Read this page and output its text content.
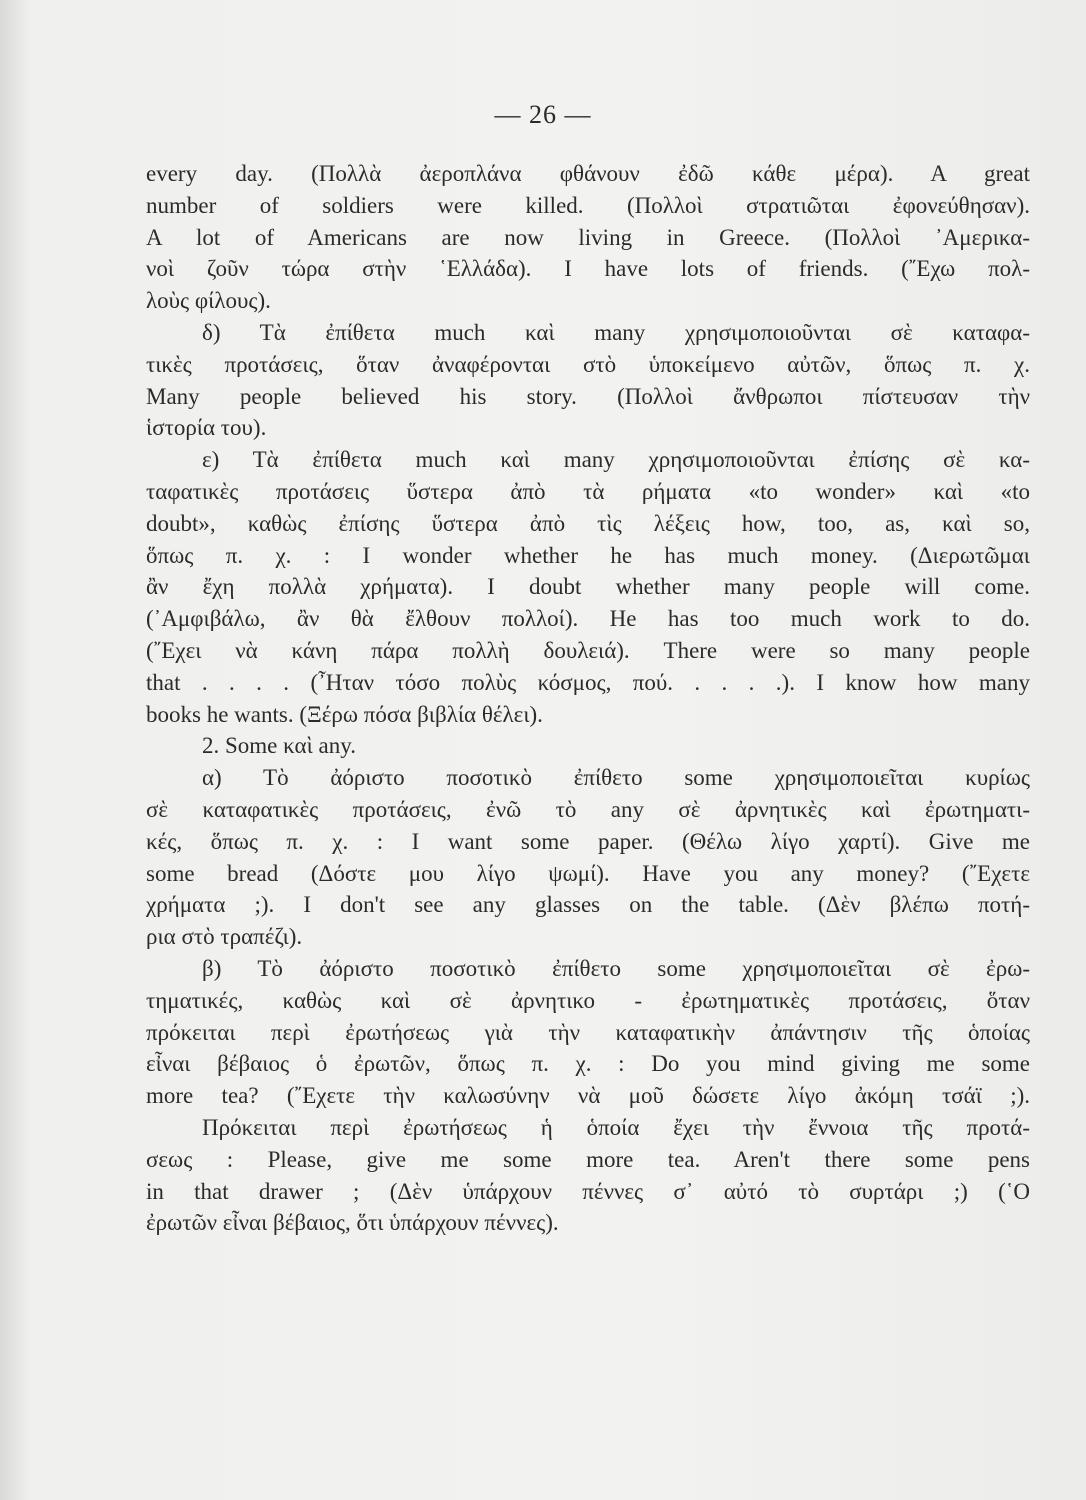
— 26 —
every day. (Πολλὰ ἀεροπλάνα φθάνουν ἐδῶ κάθε μέρα). A great
number of soldiers were killed. (Πολλοὶ στρατιῶται ἐφονεύθησαν).
A lot of Americans are now living in Greece. (Πολλοὶ ᾽Αμερικα-
νοὶ ζοῦν τώρα στὴν ῾Ελλάδα). I have lots of friends. (῎Εχω πολ-
λοὺς φίλους).
δ) Τὰ ἐπίθετα much καὶ many χρησιμοποιοῦνται σὲ καταφα-
τικὲς προτάσεις, ὅταν ἀναφέρονται στὸ ὑποκείμενο αὐτῶν, ὅπως π. χ.
Many people believed his story. (Πολλοὶ ἄνθρωποι πίστευσαν τὴν
ἱστορία του).
ε) Τὰ ἐπίθετα much καὶ many χρησιμοποιοῦνται ἐπίσης σὲ κα-
ταφατικὲς προτάσεις ὕστερα ἀπὸ τὰ ρήματα «to wonder» καὶ «to
doubt», καθὼς ἐπίσης ὕστερα ἀπὸ τὶς λέξεις how, too, as, καὶ so,
ὅπως π. χ. : I wonder whether he has much money. (Διερωτῶμαι
ἂν ἔχη πολλὰ χρήματα). I doubt whether many people will come.
(᾽Αμφιβάλω, ἂν θὰ ἔλθουν πολλοί). He has too much work to do.
(῎Εχει νὰ κάνη πάρα πολλὴ δουλειά). There were so many people
that . . . . (῏Ηταν τόσο πολὺς κόσμος, πού. . . . .). I know how many
books he wants. (Ξέρω πόσα βιβλία θέλει).
2. Some καὶ any.
α) Τὸ ἀόριστο ποσοτικὸ ἐπίθετο some χρησιμοποιεῖται κυρίως
σὲ καταφατικὲς προτάσεις, ἐνῶ τὸ any σὲ ἀρνητικὲς καὶ ἐρωτηματι-
κές, ὅπως π. χ. : I want some paper. (Θέλω λίγο χαρτί). Give me
some bread (Δόστε μου λίγο ψωμί). Have you any money? (῎Εχετε
χρήματα ;). I don't see any glasses on the table. (Δὲν βλέπω ποτή-
ρια στὸ τραπέζι).
β) Τὸ ἀόριστο ποσοτικὸ ἐπίθετο some χρησιμοποιεῖται σὲ ἐρω-
τηματικές, καθὼς καὶ σὲ ἀρνητικο - ἐρωτηματικὲς προτάσεις, ὅταν
πρόκειται περὶ ἐρωτήσεως γιὰ τὴν καταφατικὴν ἀπάντησιν τῆς ὁποίας
εἶναι βέβαιος ὁ ἐρωτῶν, ὅπως π. χ. : Do you mind giving me some
more tea? (῎Εχετε τὴν καλωσύνην νὰ μοῦ δώσετε λίγο ἀκόμη τσάϊ ;).
Πρόκειται περὶ ἐρωτήσεως ἡ ὁποία ἔχει τὴν ἔννοια τῆς προτά-
σεως : Please, give me some more tea. Aren't there some pens
in that drawer ; (Δὲν ὑπάρχουν πέννες σ᾽ αὐτό τὸ συρτάρι ;) (῾Ο
ἐρωτῶν εἶναι βέβαιος, ὅτι ὑπάρχουν πέννες).
